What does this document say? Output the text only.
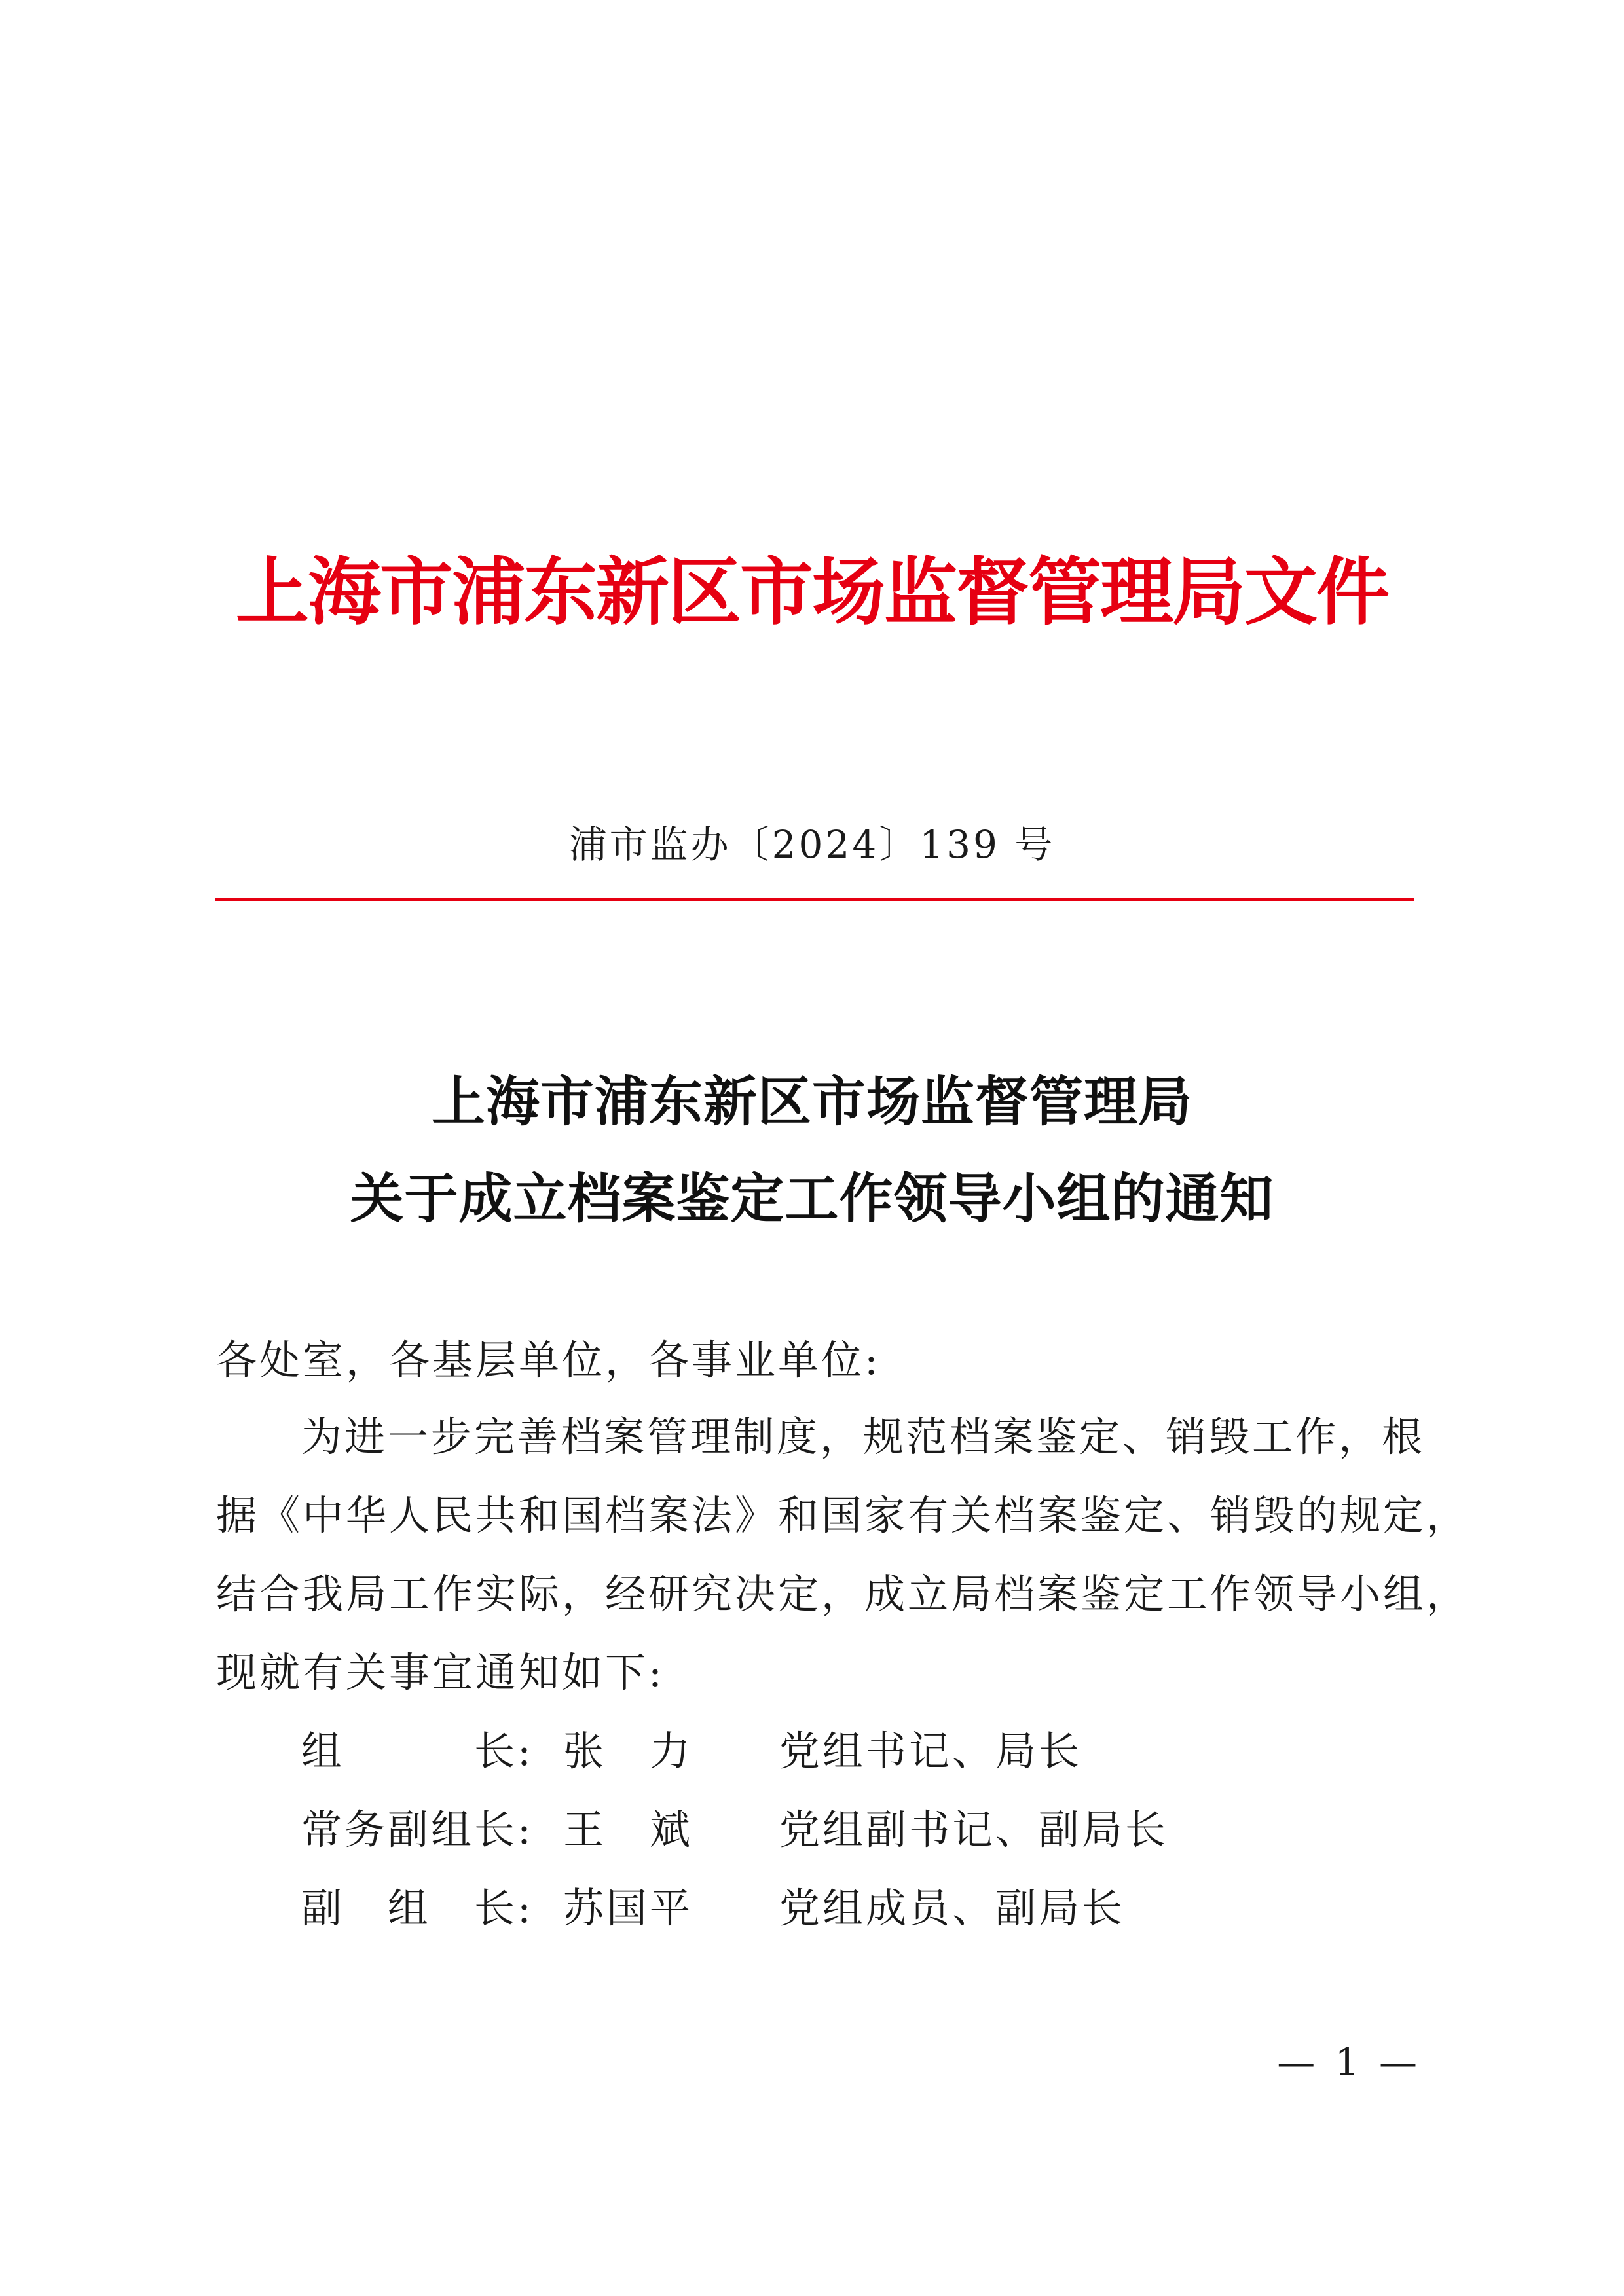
上海市浦东新区市场监督管理局文件
浦市监办〔2024〕139 号
上海市浦东新区市场监督管理局
关于成立档案鉴定工作领导小组的通知
各处室，各基层单位，各事业单位:
为进一步完善档案管理制度，规范档案鉴定、销毁工作，根
据《中华人民共和国档案法》和国家有关档案鉴定、销毁的规定，
结合我局工作实际，经研究决定，成立局档案鉴定工作领导小组，
现就有关事宜通知如下:
组　　　长: 张　力	党组书记、局长
常务副组长: 王　斌	党组副书记、副局长
副　组　长: 苏国平	党组成员、副局长
— 1 —
